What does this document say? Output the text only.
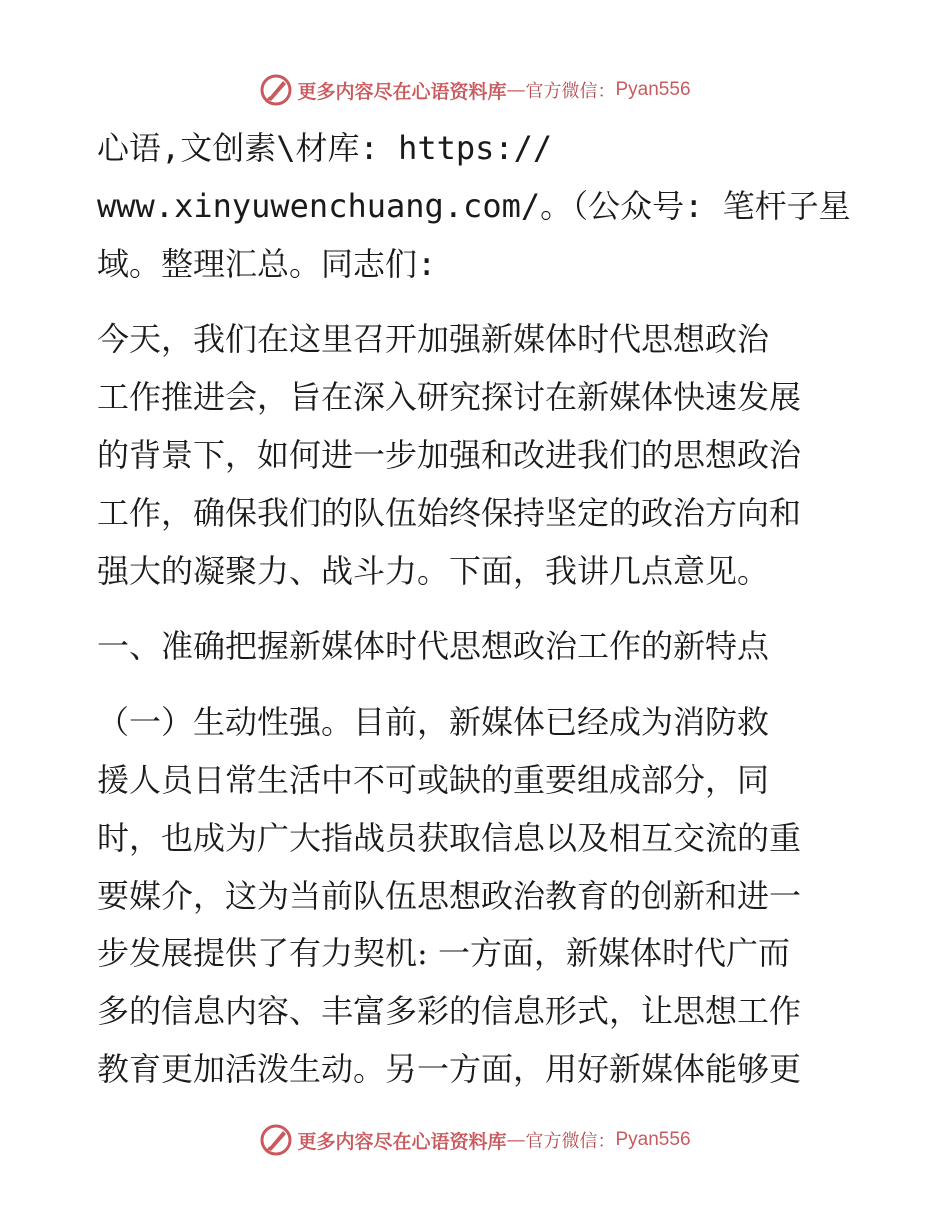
更多内容尽在心语资料库 — 官方微信： Pyan556
心语,文创素\材库: https://
www.xinyuwenchuang.com/。（公众号: 笔杆子星
域。整理汇总。同志们:
今天，我们在这里召开加强新媒体时代思想政治
工作推进会，旨在深入研究探讨在新媒体快速发展
的背景下，如何进一步加强和改进我们的思想政治
工作，确保我们的队伍始终保持坚定的政治方向和
强大的凝聚力、战斗力。下面，我讲几点意见。
一、准确把握新媒体时代思想政治工作的新特点
（一）生动性强。目前，新媒体已经成为消防救
援人员日常生活中不可或缺的重要组成部分，同
时，也成为广大指战员获取信息以及相互交流的重
要媒介，这为当前队伍思想政治教育的创新和进一
步发展提供了有力契机: 一方面，新媒体时代广而
多的信息内容、丰富多彩的信息形式，让思想工作
教育更加活泼生动。另一方面，用好新媒体能够更
更多内容尽在心语资料库 — 官方微信： Pyan556
